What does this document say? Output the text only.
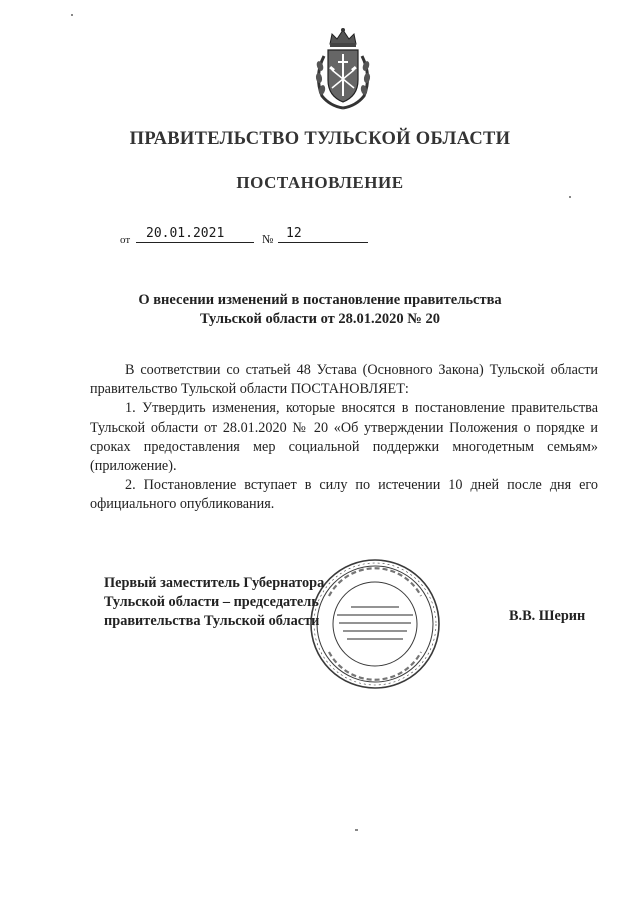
ПРАВИТЕЛЬСТВО ТУЛЬСКОЙ ОБЛАСТИ
ПОСТАНОВЛЕНИЕ
от	20.01.2021	№ 12
О внесении изменений в постановление правительства
Тульской области от 28.01.2020 № 20

В соответствии со статьей 48 Устава (Основного Закона) Тульской области правительство Тульской области ПОСТАНОВЛЯЕТ:

1. Утвердить изменения, которые вносятся в постановление правительства Тульской области от 28.01.2020 № 20 «Об утверждении Положения о порядке и сроках предоставления мер социальной поддержки многодетным семьям» (приложение).

2. Постановление вступает в силу по истечении 10 дней после дня его официального опубликования.

Первый заместитель Губернатора
Тульской области – председатель
правительства Тульской области	В.В. Шерин
